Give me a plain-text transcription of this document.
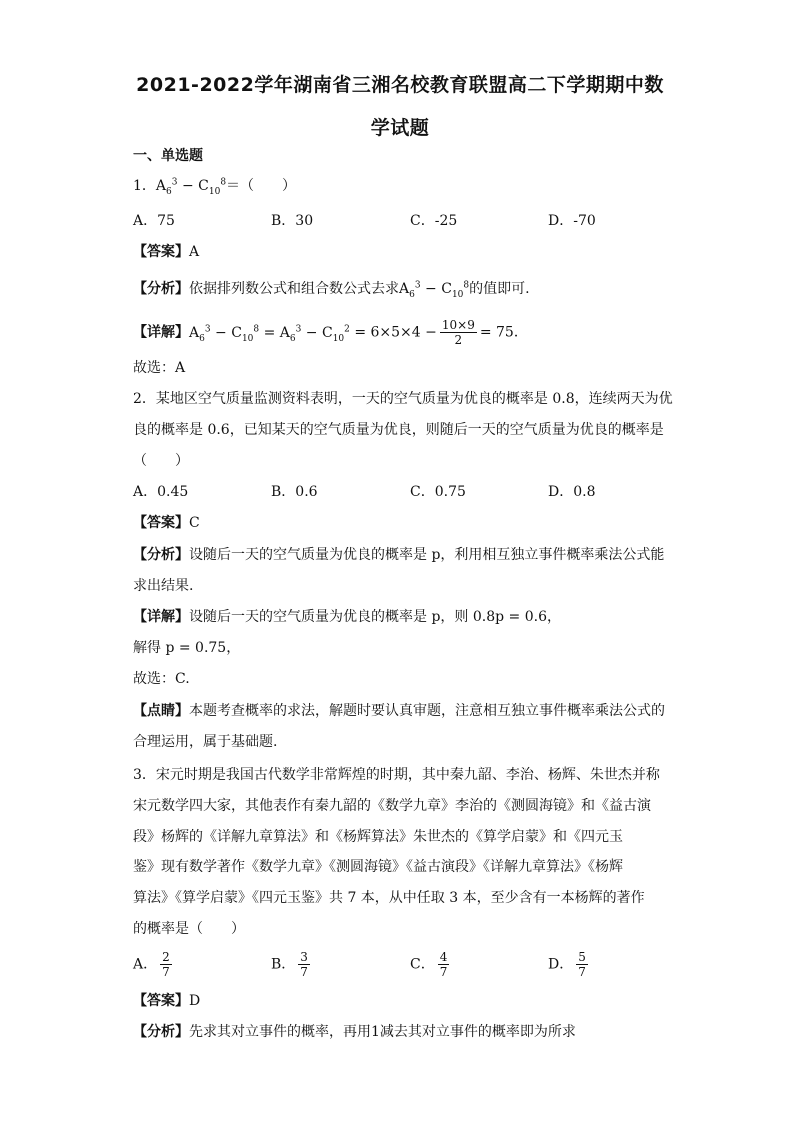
2021-2022学年湖南省三湘名校教育联盟高二下学期期中数
学试题
一、单选题
1．$A_6^3 - C_{10}^8=$（　　）
A．75	B．30	C．-25	D．-70
【答案】A
【分析】依据排列数公式和组合数公式去求$A_6^3 - C_{10}^8$的值即可.
【详解】$A_6^3 - C_{10}^8 = A_6^3 - C_{10}^2 = 6\times 5\times 4 - \frac{10\times 9}{2} = 75$．
故选：A
2．某地区空气质量监测资料表明，一天的空气质量为优良的概率是 0.8，连续两天为优
良的概率是 0.6，已知某天的空气质量为优良，则随后一天的空气质量为优良的概率是
（　　）
A．0.45	B．0.6	C．0.75	D．0.8
【答案】C
【分析】设随后一天的空气质量为优良的概率是 p，利用相互独立事件概率乘法公式能
求出结果.
【详解】设随后一天的空气质量为优良的概率是 p，则 0.8p = 0.6，
解得 p = 0.75，
故选：C.
【点睛】本题考查概率的求法，解题时要认真审题，注意相互独立事件概率乘法公式的
合理运用，属于基础题.
3．宋元时期是我国古代数学非常辉煌的时期，其中秦九韶、李治、杨辉、朱世杰并称
宋元数学四大家，其他表作有秦九韶的《数学九章》李治的《测圆海镜》和《益古演
段》杨辉的《详解九章算法》和《杨辉算法》朱世杰的《算学启蒙》和《四元玉
鉴》现有数学著作《数学九章》《测圆海镜》《益古演段》《详解九章算法》《杨辉
算法》《算学启蒙》《四元玉鉴》共 7 本，从中任取 3 本，至少含有一本杨辉的著作
的概率是（　　）
A． $\frac{2}{7}$	B． $\frac{3}{7}$	C． $\frac{4}{7}$	D． $\frac{5}{7}$
【答案】D
【分析】先求其对立事件的概率，再用1减去其对立事件的概率即为所求
